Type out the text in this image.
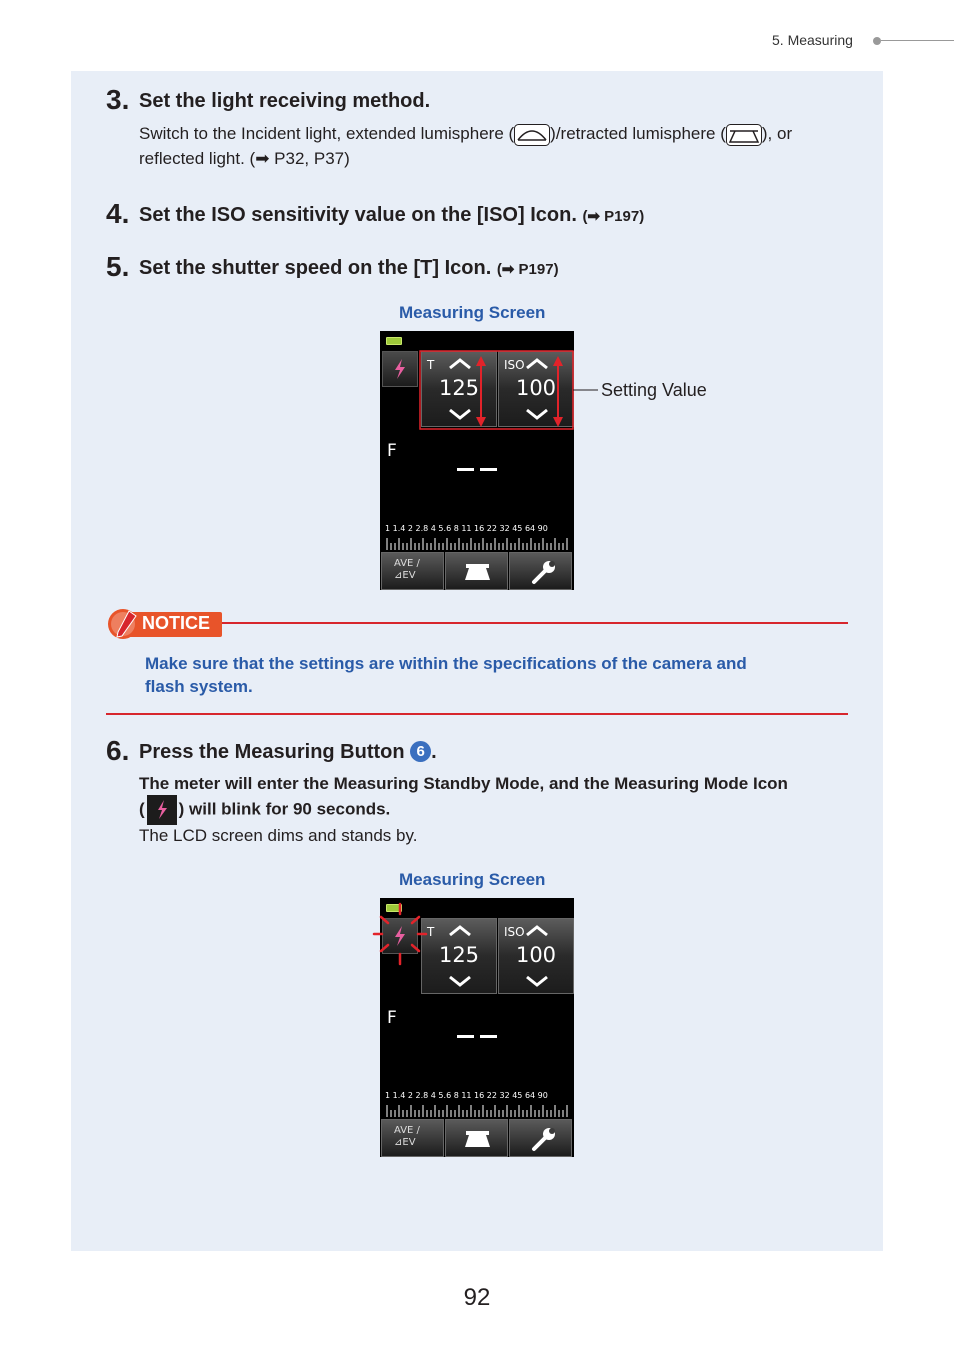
5. Measuring
3. Set the light receiving method.
Switch to the Incident light, extended lumisphere ( )/retracted lumisphere ( ), or
reflected light. (➡ P32, P37)
4. Set the ISO sensitivity value on the [ISO] Icon. (➡ P197)
5. Set the shutter speed on the [T] Icon. (➡ P197)
Measuring Screen
T
125
ISO
100
F
1 1.4 2 2.8 4 5.6 8 11 16 22 32 45 64 90
AVE /
⊿EV
Setting Value
NOTICE
Make sure that the settings are within the specifications of the camera and
flash system.
6. Press the Measuring Button 6 .
The meter will enter the Measuring Standby Mode, and the Measuring Mode Icon
( ) will blink for 90 seconds.
The LCD screen dims and stands by.
Measuring Screen
T
125
ISO
100
F
1 1.4 2 2.8 4 5.6 8 11 16 22 32 45 64 90
AVE /
⊿EV
92
